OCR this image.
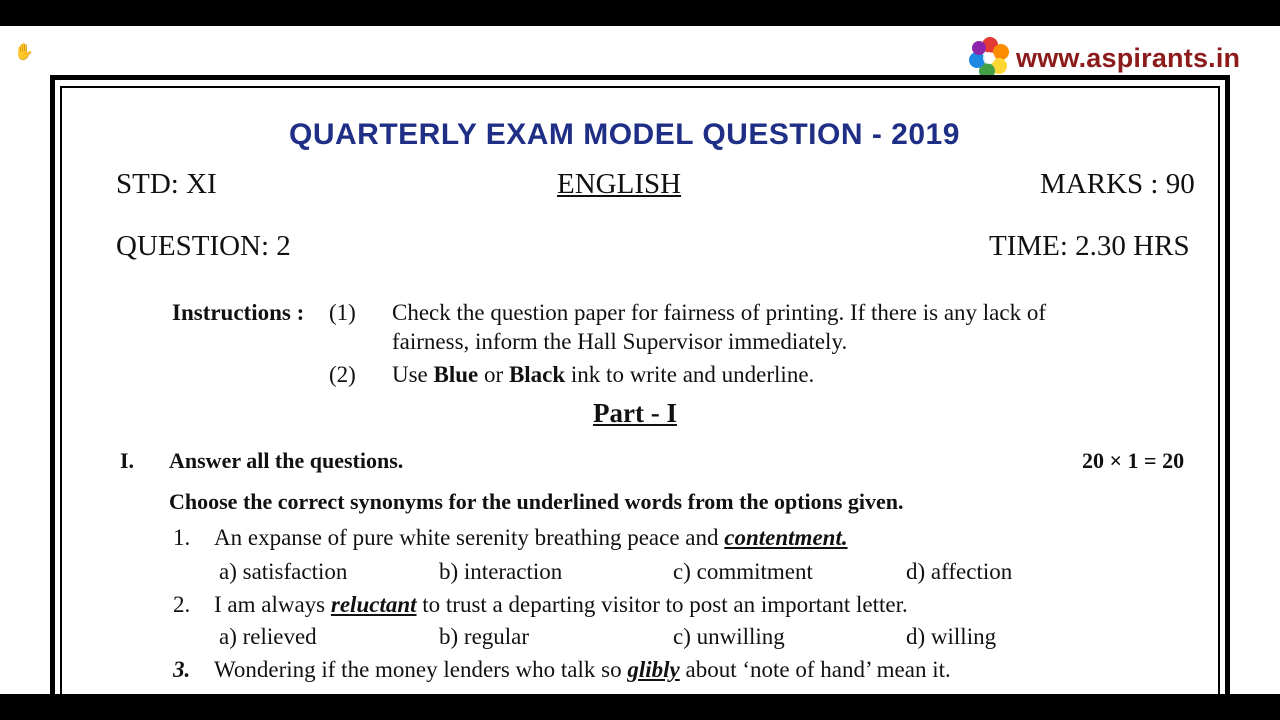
✋	www.aspirants.in
QUARTERLY EXAM MODEL QUESTION - 2019
STD: XI	ENGLISH	MARKS : 90
QUESTION: 2	TIME: 2.30 HRS
Instructions : (1) Check the question paper for fairness of printing. If there is any lack of
fairness, inform the Hall Supervisor immediately.
(2) Use Blue or Black ink to write and underline.
Part - I
I. Answer all the questions.	20 × 1 = 20
Choose the correct synonyms for the underlined words from the options given.
1. An expanse of pure white serenity breathing peace and contentment.
a) satisfaction	b) interaction	c) commitment	d) affection
2. I am always reluctant to trust a departing visitor to post an important letter.
a) relieved	b) regular	c) unwilling	d) willing
3. Wondering if the money lenders who talk so glibly about ‘note of hand’ mean it.
